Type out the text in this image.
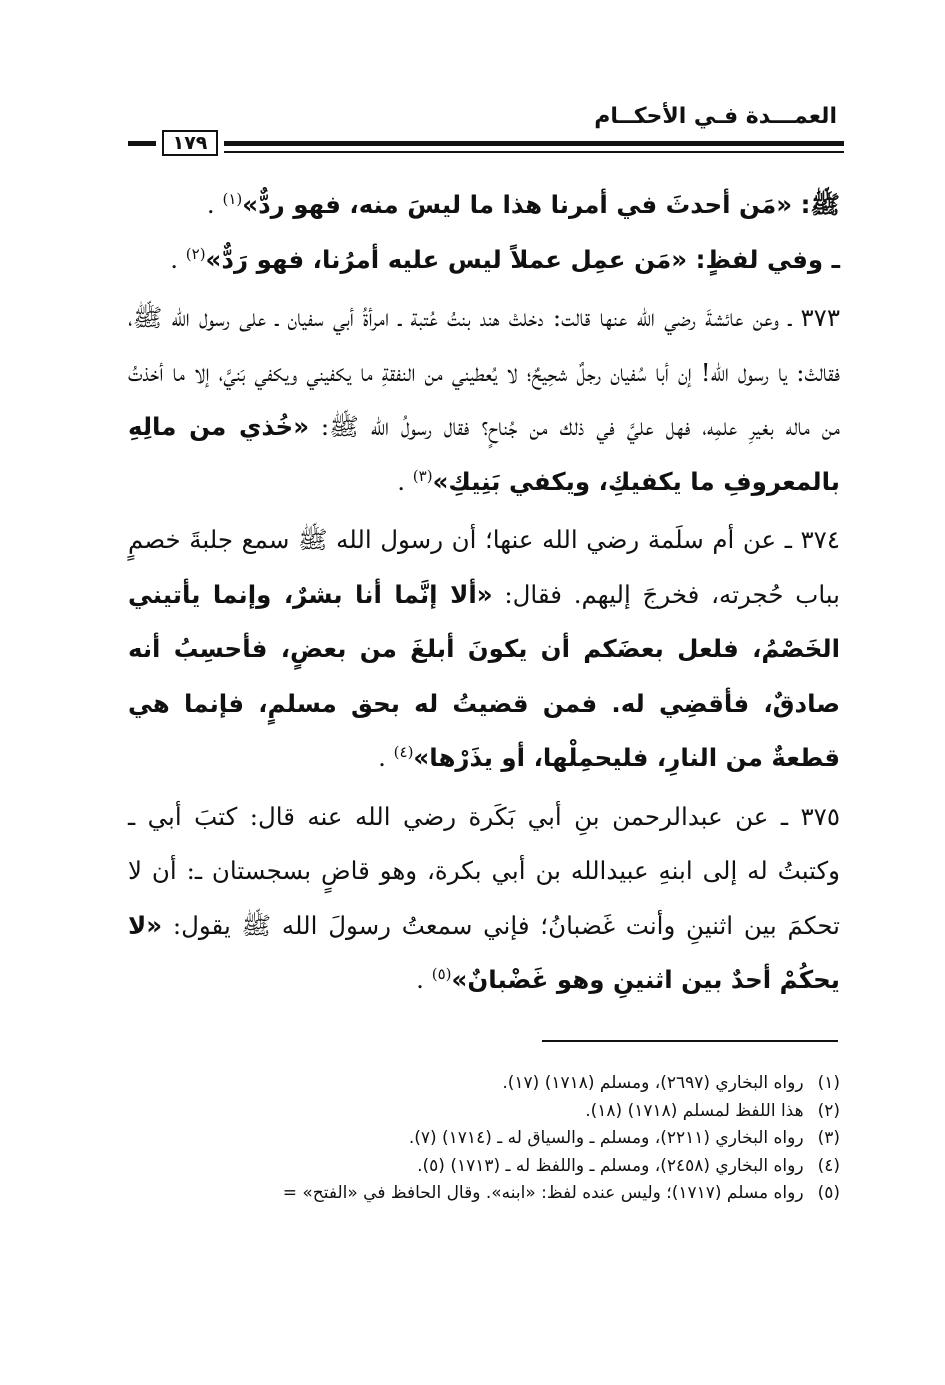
العمـــدة فـي الأحكــام
١٧٩

ﷺ: «مَن أحدثَ في أمرنا هذا ما ليسَ منه، فهو ردٌّ»$^{(١)}$ .

ـ وفي لفظٍ: «مَن عمِل عملاً ليس عليه أمرُنا، فهو رَدٌّ»$^{(٢)}$ .

٣٧٣ ـ وعن عائشةَ رضي الله عنها قالت: دخلتْ هند بنتُ عُتبة ـ امرأةُ أبي سفيان ـ على رسول الله ﷺ، فقالتْ: يا رسول الله! إن أبا سُفيان رجلٌ شحِيحٌ؛ لا يُعطيني من النفقةِ ما يكفيني ويكفي بَنيَّ، إلا ما أخذتُ من ماله بغيرِ علمِه، فهل عليَّ في ذلك من جُناحٍ؟ فقال رسولُ الله ﷺ: «خُذي من مالِهِ بالمعروفِ ما يكفيكِ، ويكفي بَنِيكِ»$^{(٣)}$ .

٣٧٤ ـ عن أم سلَمة رضي الله عنها؛ أن رسول الله ﷺ سمع جلبةَ خصمٍ بباب حُجرته، فخرجَ إليهم. فقال: «ألا إنَّما أنا بشرٌ، وإنما يأتيني الخَصْمُ، فلعل بعضَكم أن يكونَ أبلغَ من بعضٍ، فأحسِبُ أنه صادقٌ، فأقضِي له. فمن قضيتُ له بحق مسلمٍ، فإنما هي قطعةٌ من النارِ، فليحمِلْها، أو يذَرْها»$^{(٤)}$ .

٣٧٥ ـ عن عبدالرحمن بنِ أبي بَكَرة رضي الله عنه قال: كتبَ أبي ـ وكتبتُ له إلى ابنهِ عبيدالله بن أبي بكرة، وهو قاضٍ بسجستان ـ: أن لا تحكمَ بين اثنينِ وأنت غَضبانُ؛ فإني سمعتُ رسولَ الله ﷺ يقول: «لا يحكُمْ أحدٌ بين اثنينِ وهو غَضْبانٌ»$^{(٥)}$ .

(١)رواه البخاري (٢٦٩٧)، ومسلم (١٧١٨) (١٧).
(٢)هذا اللفظ لمسلم (١٧١٨) (١٨).
(٣)رواه البخاري (٢٢١١)، ومسلم ـ والسياق له ـ (١٧١٤) (٧).
(٤)رواه البخاري (٢٤٥٨)، ومسلم ـ واللفظ له ـ (١٧١٣) (٥).
(٥)رواه مسلم (١٧١٧)؛ وليس عنده لفظ: «ابنه». وقال الحافظ في «الفتح» =
